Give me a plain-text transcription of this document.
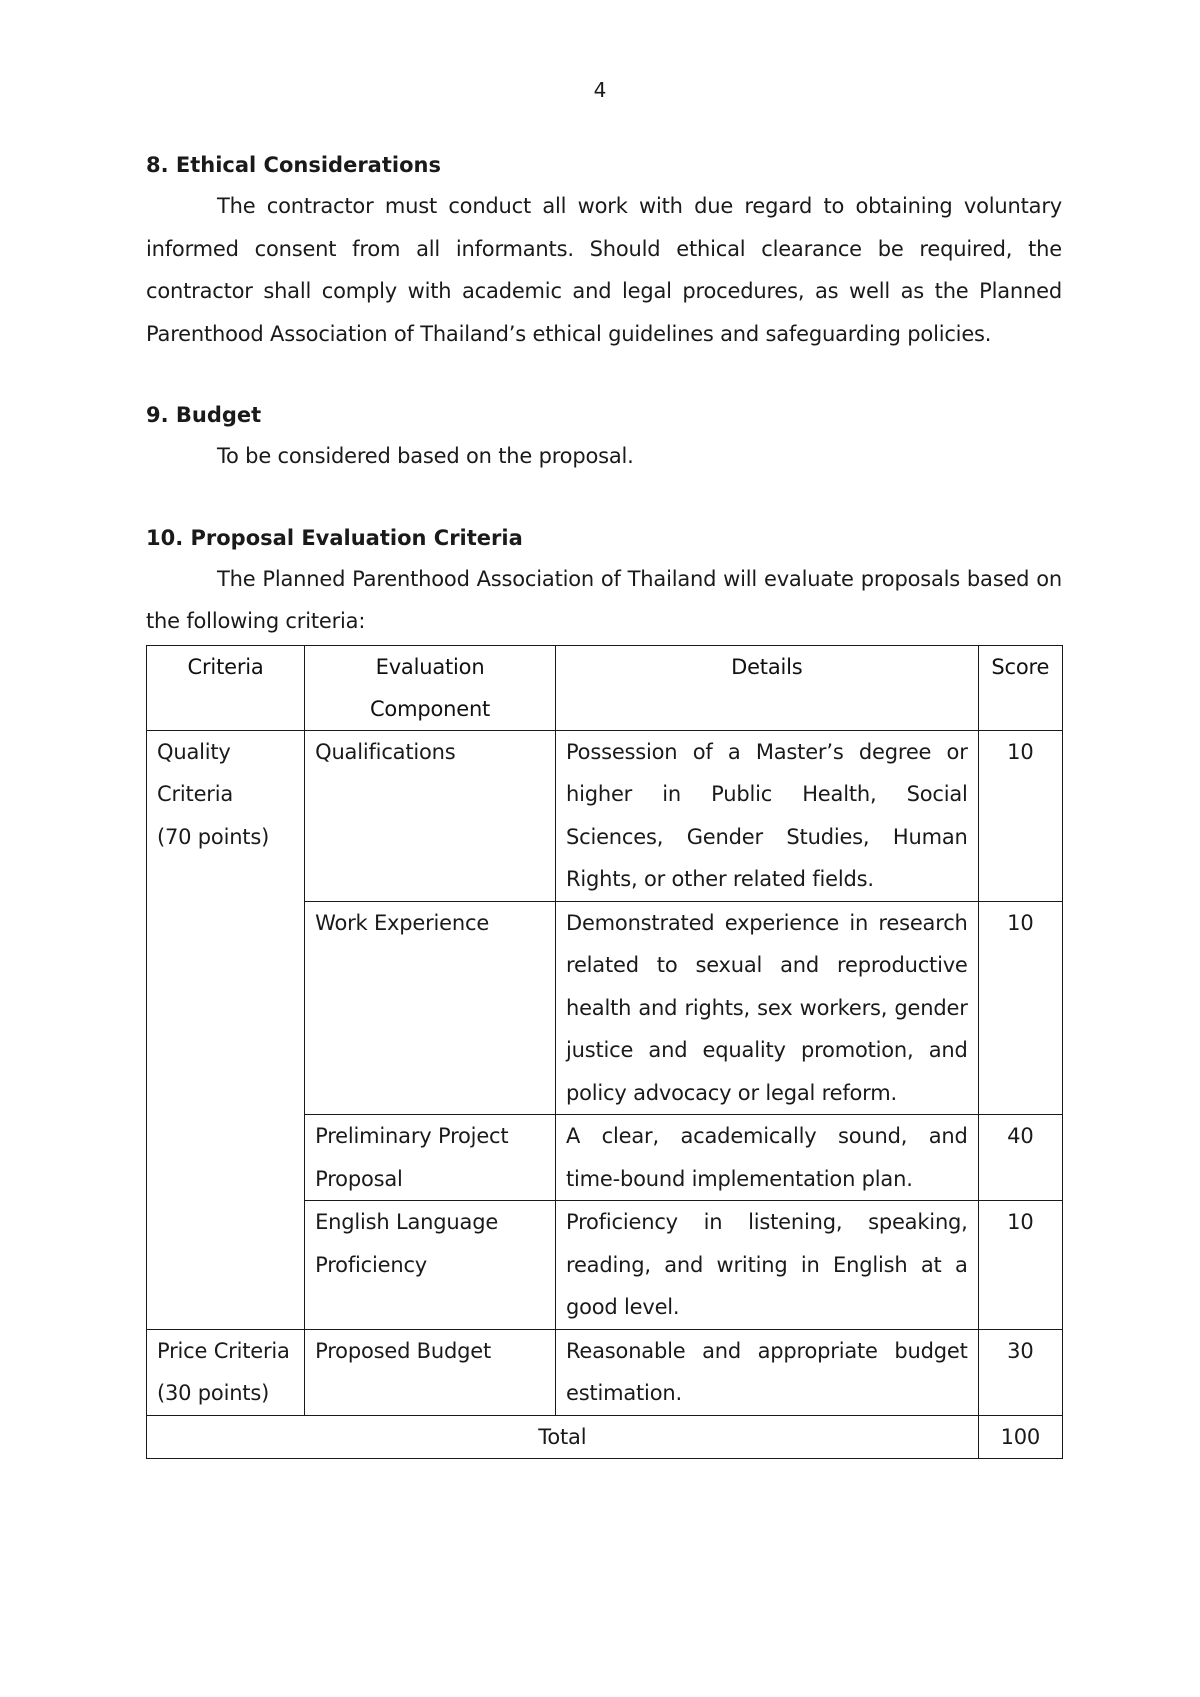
4
8. Ethical Considerations

The contractor must conduct all work with due regard to obtaining voluntary informed consent from all informants. Should ethical clearance be required, the contractor shall comply with academic and legal procedures, as well as the Planned Parenthood Association of Thailand’s ethical guidelines and safeguarding policies.

9. Budget

To be considered based on the proposal.

10. Proposal Evaluation Criteria

The Planned Parenthood Association of Thailand will evaluate proposals based on the following criteria:

Criteria	Evaluation Component	Details	Score

Quality Criteria
(70 points)	Qualifications	Possession of a Master’s degree or higher in Public Health, Social Sciences, Gender Studies, Human Rights, or other related fields.	10
	Work Experience	Demonstrated experience in research related to sexual and reproductive health and rights, sex workers, gender justice and equality promotion, and policy advocacy or legal reform.	10
	Preliminary Project Proposal	A clear, academically sound, and time-bound implementation plan.	40
	English Language Proficiency	Proficiency in listening, speaking, reading, and writing in English at a good level.	10

Price Criteria
(30 points)	Proposed Budget	Reasonable and appropriate budget estimation.	30
Total			100
